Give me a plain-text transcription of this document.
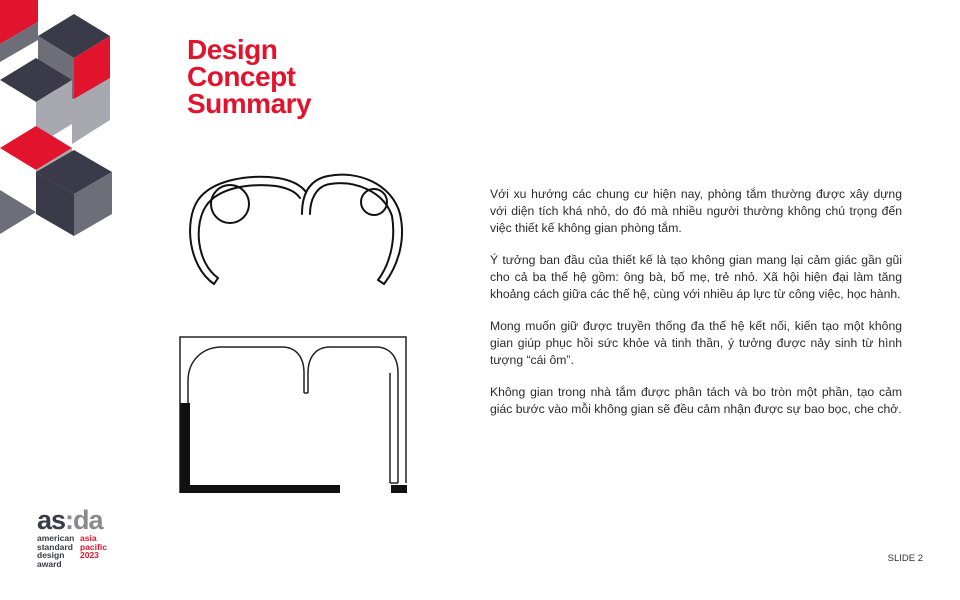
Design
Concept
Summary

Với xu hướng các chung cư hiện nay, phòng tắm thường được xây dựng với diện tích khá nhỏ, do đó mà nhiều người thường không chú trọng đến việc thiết kế không gian phòng tắm.

Ý tưởng ban đầu của thiết kế là tạo không gian mang lại cảm giác gần gũi cho cả ba thế hệ gồm: ông bà, bố mẹ, trẻ nhỏ. Xã hội hiện đại làm tăng khoảng cách giữa các thế hệ, cùng với nhiều áp lực từ công việc, học hành.

Mong muốn giữ được truyền thống đa thế hệ kết nối, kiến tạo một không gian giúp phục hồi sức khỏe và tinh thần, ý tưởng được nảy sinh từ hình tượng “cái ôm”.

Không gian trong nhà tắm được phân tách và bo tròn một phần, tạo cảm giác bước vào mỗi không gian sẽ đều cảm nhận được sự bao bọc, che chở.

as:da
american
standard
design
award
asia
pacific
2023	SLIDE 2
